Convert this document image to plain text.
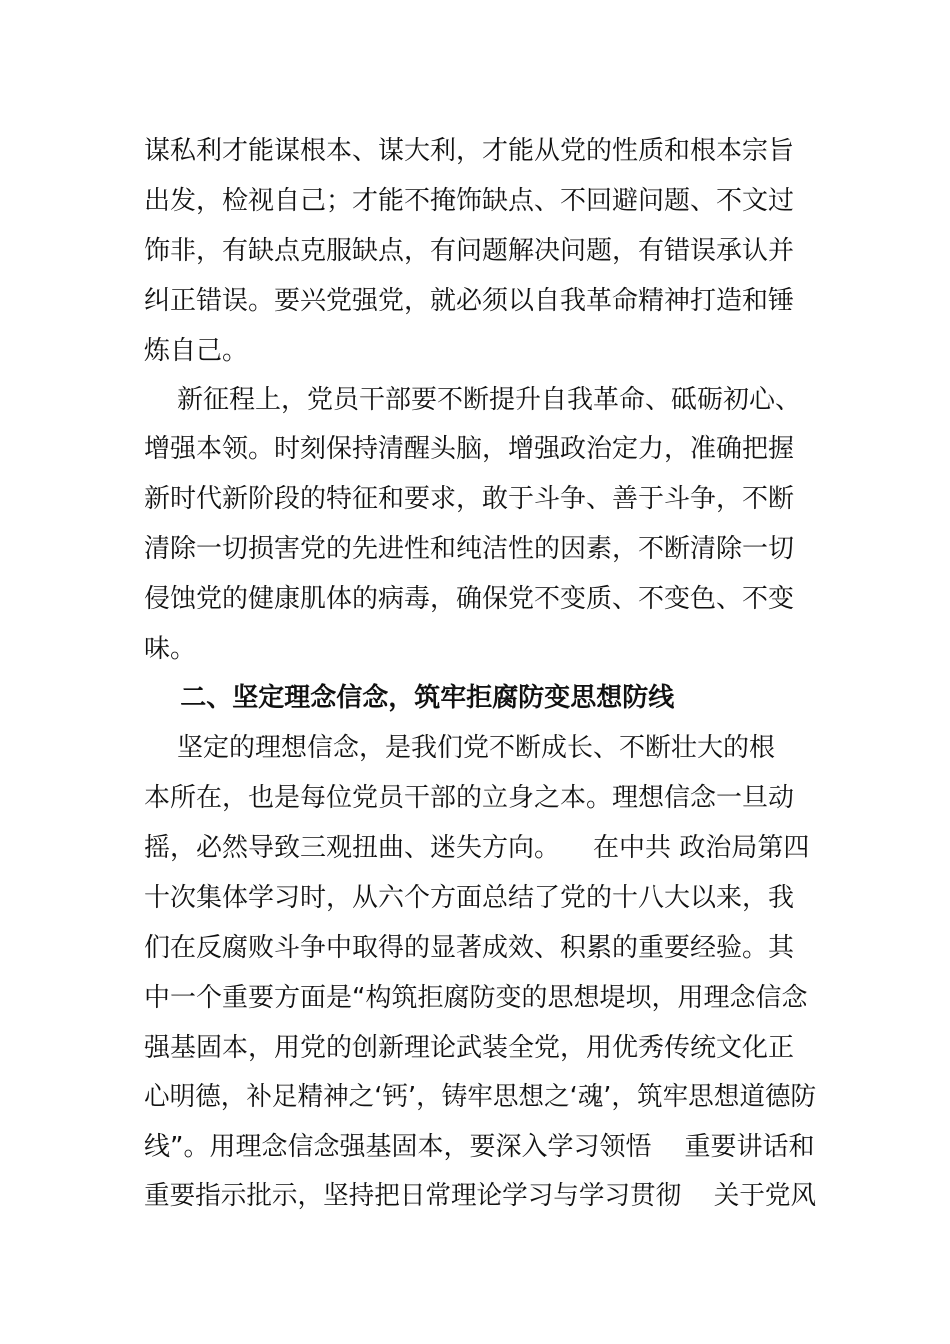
谋私利才能谋根本、谋大利，才能从党的性质和根本宗旨
出发，检视自己；才能不掩饰缺点、不回避问题、不文过
饰非，有缺点克服缺点，有问题解决问题，有错误承认并
纠正错误。要兴党强党，就必须以自我革命精神打造和锤
炼自己。
新征程上，党员干部要不断提升自我革命、砥砺初心、
增强本领。时刻保持清醒头脑，增强政治定力，准确把握
新时代新阶段的特征和要求，敢于斗争、善于斗争，不断
清除一切损害党的先进性和纯洁性的因素，不断清除一切
侵蚀党的健康肌体的病毒，确保党不变质、不变色、不变
味。
二、坚定理念信念，筑牢拒腐防变思想防线
坚定的理想信念，是我们党不断成长、不断壮大的根
本所在，也是每位党员干部的立身之本。理想信念一旦动
摇，必然导致三观扭曲、迷失方向。    在中共 政治局第四
十次集体学习时，从六个方面总结了党的十八大以来，我
们在反腐败斗争中取得的显著成效、积累的重要经验。其
中一个重要方面是“构筑拒腐防变的思想堤坝，用理念信念
强基固本，用党的创新理论武装全党，用优秀传统文化正
心明德，补足精神之‘钙’，铸牢思想之‘魂’，筑牢思想道德防
线”。用理念信念强基固本，要深入学习领悟    重要讲话和
重要指示批示，坚持把日常理论学习与学习贯彻    关于党风
